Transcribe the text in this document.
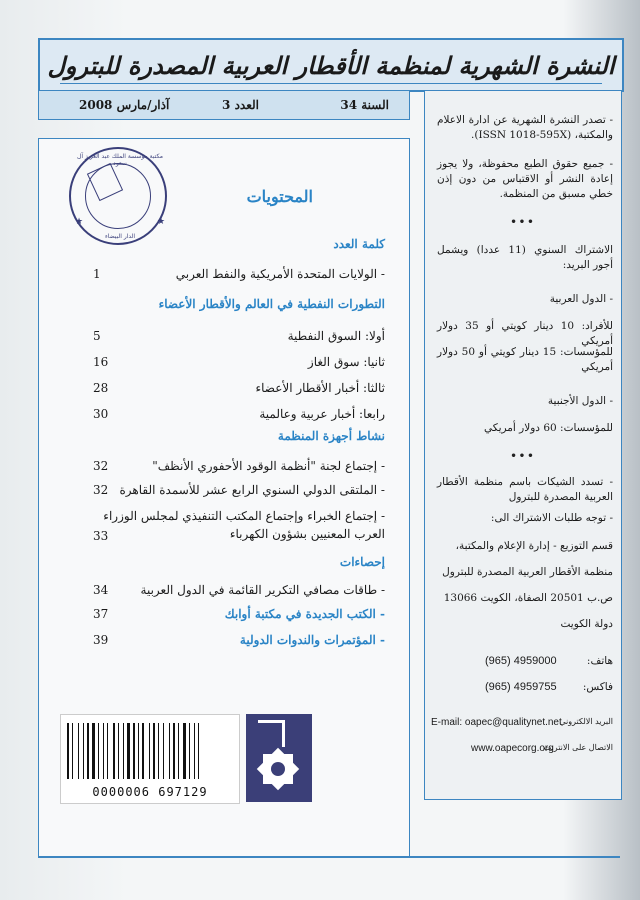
النشرة الشهرية لمنظمة الأقطار العربية المصدرة للبترول
السنة 34
العدد 3
آذار/مارس 2008
مكتبة مؤسسة الملك عبد العزيز آل سعود
الدار البيضاء
★	★
المحتويات
كلمة العدد
- الولايات المتحدة الأمريكية والنفط العربي
1
التطورات النفطية في العالم والأقطار الأعضاء
أولا: السوق النفطية
5
ثانيا: سوق الغاز
16
ثالثا: أخبار الأقطار الأعضاء
28
رابعا: أخبار عربية وعالمية
30
نشاط أجهزة المنظمة
- إجتماع لجنة "أنظمة الوقود الأحفوري الأنظف"
32
- الملتقى الدولي السنوي الرابع عشر للأسمدة القاهرة
32
- إجتماع الخبراء وإجتماع المكتب التنفيذي لمجلس الوزراء العرب المعنيين بشؤون الكهرباء
33
إحصاءات
- طاقات مصافي التكرير القائمة في الدول العربية
34
- الكتب الجديدة في مكتبة أوابك
37
- المؤتمرات والندوات الدولية
39
0000006 697129
- تصدر النشرة الشهرية عن ادارة الاعلام والمكتبة، (ISSN 1018-595X).
- جميع حقوق الطبع محفوظة، ولا يجوز إعادة النشر أو الاقتباس من دون إذن خطي مسبق من المنظمة.
•••
الاشتراك السنوي (11 عددا) ويشمل أجور البريد:
- الدول العربية
للأفراد: 10 دينار كويتي أو 35 دولار أمريكي
للمؤسسات: 15 دينار كويتي أو 50 دولار أمريكي
- الدول الأجنبية
للمؤسسات: 60 دولار أمريكي
•••
- تسدد الشيكات باسم منظمة الأقطار العربية المصدرة للبترول
- توجه طلبات الاشتراك الى:
قسم التوزيع - إدارة الإعلام والمكتبة،
منظمة الأقطار العربية المصدرة للبترول
ص.ب 20501 الصفاة، الكويت 13066
دولة الكويت
هاتف:
(965) 4959000
فاكس:
(965) 4959755
البريد الالكتروني
E-mail: oapec@qualitynet.net
الاتصال على الانترنت
www.oapecorg.org
